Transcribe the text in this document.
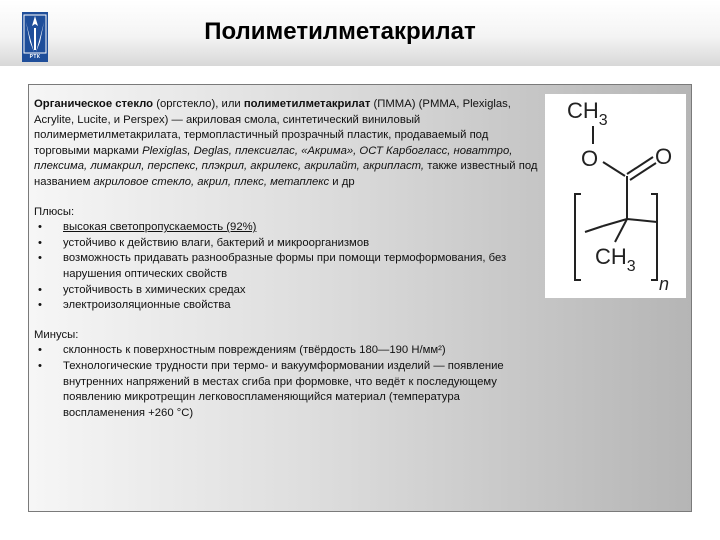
РТК
Полиметилметакрилат

Органическое стекло (оргстекло), или полиметилметакрилат (ПММА) (PMMA, Plexiglas, Acrylite, Lucite, и Perspex) — акриловая смола, синтетический виниловый полимерметилметакрилата, термопластичный прозрачный пластик, продаваемый под торговыми марками Plexiglas, Deglas, плексиглас, «Акрима», ОСТ Карбогласс, новаттро, плексима, лимакрил, перспекс, плэкрил, акрилекс, акрилайт, акрипласт, также известный под названием акриловое стекло, акрил, плекс, метаплекс и др

Плюсы:

• высокая светопропускаемость (92%)
• устойчиво к действию влаги, бактерий и микроорганизмов
• возможность придавать разнообразные формы при помощи термоформования, без нарушения оптических свойств
• устойчивость в химических средах
• электроизоляционные свойства

Минусы:

• склонность к поверхностным повреждениям (твёрдость 180—190 Н/мм²)
• Технологические трудности при термо- и вакуумформовании изделий — появление внутренних напряжений в местах сгиба при формовке, что ведёт к последующему появлению микротрещин легковоспламеняющийся материал (температура воспламенения +260 °C)
$CH_3$
O	O
$CH_3$
n
